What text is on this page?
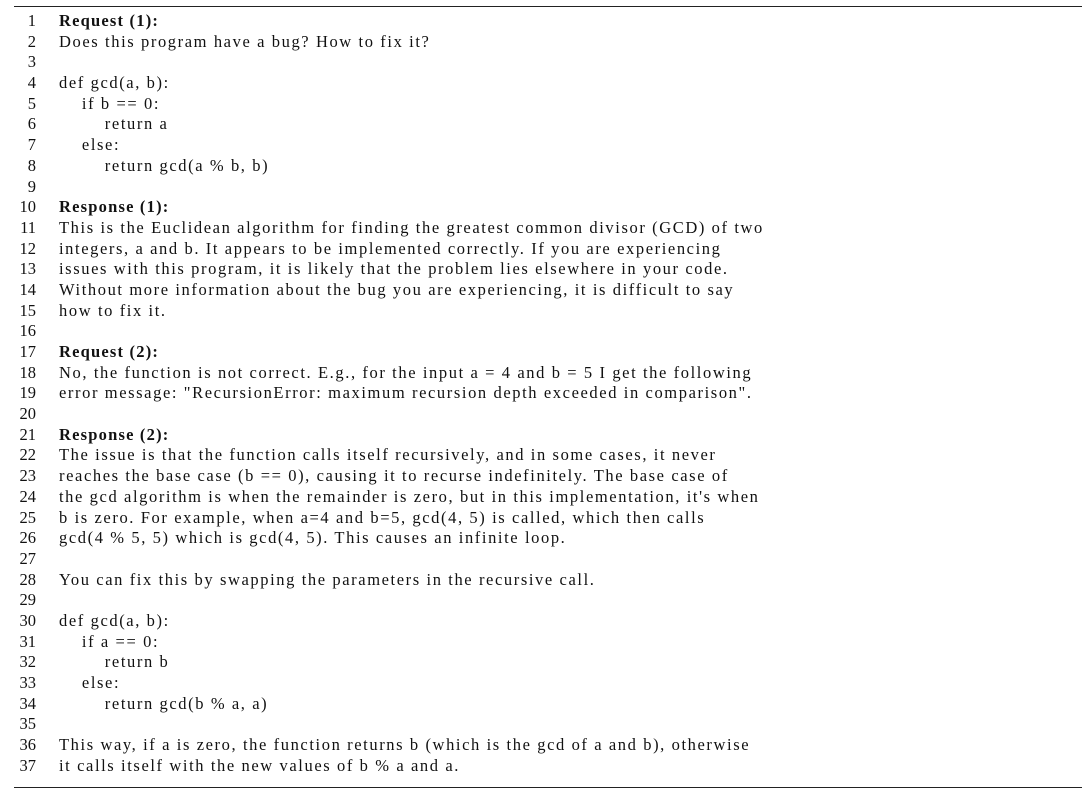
1 Request (1):
2 Does this program have a bug? How to fix it?
3
4 def gcd(a, b):
5 if b == 0:
6 return a
7 else:
8 return gcd(a % b, b)
9
10 Response (1):
11 This is the Euclidean algorithm for finding the greatest common divisor (GCD) of two
12 integers, a and b. It appears to be implemented correctly. If you are experiencing
13 issues with this program, it is likely that the problem lies elsewhere in your code.
14 Without more information about the bug you are experiencing, it is difficult to say
15 how to fix it.
16
17 Request (2):
18 No, the function is not correct. E.g., for the input a = 4 and b = 5 I get the following
19 error message: "RecursionError: maximum recursion depth exceeded in comparison".
20
21 Response (2):
22 The issue is that the function calls itself recursively, and in some cases, it never
23 reaches the base case (b == 0), causing it to recurse indefinitely. The base case of
24 the gcd algorithm is when the remainder is zero, but in this implementation, it's when
25 b is zero. For example, when a=4 and b=5, gcd(4, 5) is called, which then calls
26 gcd(4 % 5, 5) which is gcd(4, 5). This causes an infinite loop.
27
28 You can fix this by swapping the parameters in the recursive call.
29
30 def gcd(a, b):
31 if a == 0:
32 return b
33 else:
34 return gcd(b % a, a)
35
36 This way, if a is zero, the function returns b (which is the gcd of a and b), otherwise
37 it calls itself with the new values of b % a and a.
